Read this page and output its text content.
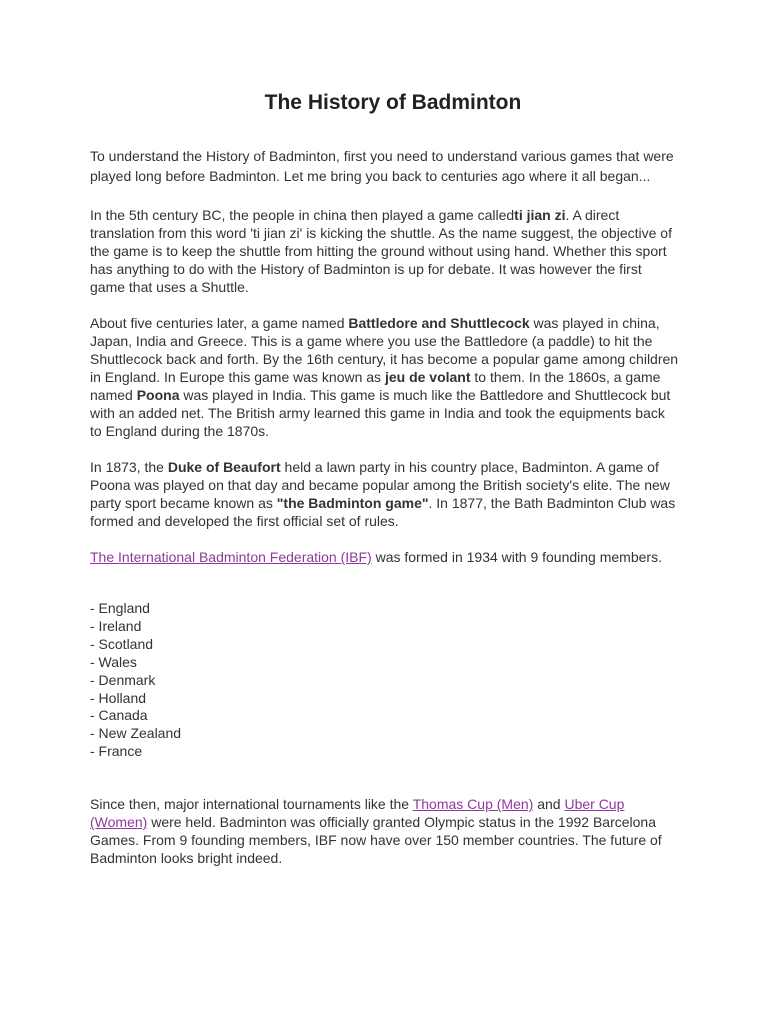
The History of Badminton

To understand the History of Badminton, first you need to understand various games that were played long before Badminton. Let me bring you back to centuries ago where it all began...

In the 5th century BC, the people in china then played a game calledti jian zi. A direct translation from this word 'ti jian zi' is kicking the shuttle. As the name suggest, the objective of the game is to keep the shuttle from hitting the ground without using hand. Whether this sport has anything to do with the History of Badminton is up for debate. It was however the first game that uses a Shuttle.

About five centuries later, a game named Battledore and Shuttlecock was played in china, Japan, India and Greece. This is a game where you use the Battledore (a paddle) to hit the Shuttlecock back and forth. By the 16th century, it has become a popular game among children in England. In Europe this game was known as jeu de volant to them. In the 1860s, a game named Poona was played in India. This game is much like the Battledore and Shuttlecock but with an added net. The British army learned this game in India and took the equipments back to England during the 1870s.

In 1873, the Duke of Beaufort held a lawn party in his country place, Badminton. A game of Poona was played on that day and became popular among the British society's elite. The new party sport became known as "the Badminton game". In 1877, the Bath Badminton Club was formed and developed the first official set of rules.

The International Badminton Federation (IBF) was formed in 1934 with 9 founding members.

- England
- Ireland
- Scotland
- Wales
- Denmark
- Holland
- Canada
- New Zealand
- France

Since then, major international tournaments like the Thomas Cup (Men) and Uber Cup (Women) were held. Badminton was officially granted Olympic status in the 1992 Barcelona Games. From 9 founding members, IBF now have over 150 member countries. The future of Badminton looks bright indeed.
